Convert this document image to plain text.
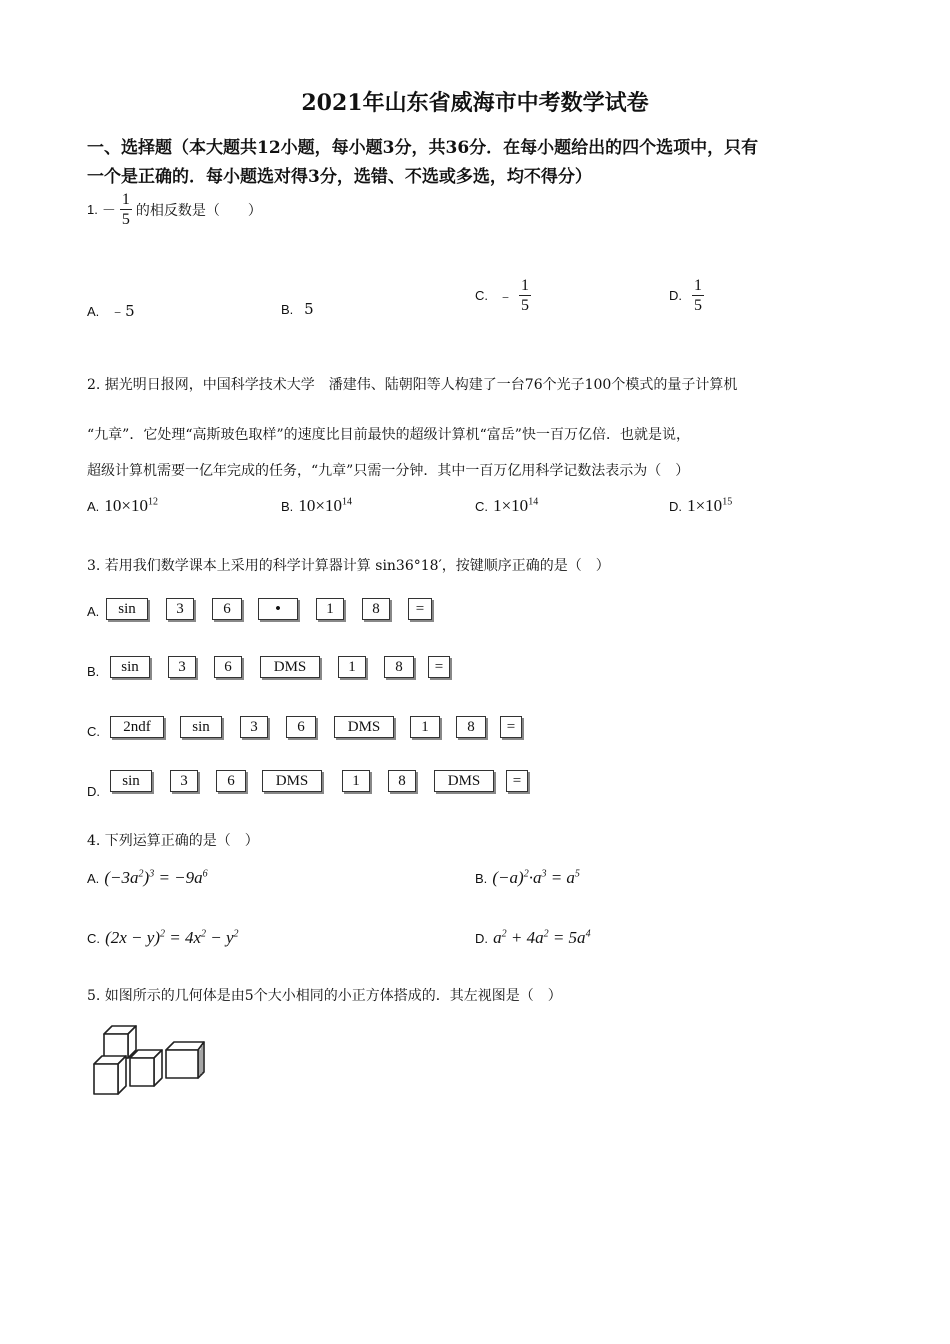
2021年山东省威海市中考数学试卷
一、选择题（本大题共12小题，每小题3分，共36分．在每小题给出的四个选项中，只有
一个是正确的．每小题选对得3分，选错、不选或多选，均不得分）
1. － $\frac{1}{5}$ 的相反数是（　　）
A. ﹣5	B. 5
C. ﹣ $\frac{1}{5}$	D. $\frac{1}{5}$
2. 据光明日报网，中国科学技术大学　潘建伟、陆朝阳等人构建了一台76个光子100个模式的量子计算机
“九章”．它处理“高斯玻色取样”的速度比目前最快的超级计算机“富岳”快一百万亿倍．也就是说，
超级计算机需要一亿年完成的任务，“九章”只需一分钟．其中一百万亿用科学记数法表示为（　）
A. $10\times 10^{12}$	B. $10\times 10^{14}$	C. $1\times 10^{14}$	D. $1\times 10^{15}$
3. 若用我们数学课本上采用的科学计算器计算 sin36°18′，按键顺序正确的是（　）
A.	sin	3	6	•	1	8	=
B.	sin	3	6	DMS	1	8	=
C.	2ndf	sin	3	6	DMS	1	8	=
D.
sin	3	6	DMS	1	8	DMS	=
4. 下列运算正确的是（　）
A. $(-3a^2)^3 = -9a^6$	B. $(-a)^2\cdot a^3 = a^5$
C. $(2x - y)^2 = 4x^2 - y^2$	D. $a^2 + 4a^2 = 5a^4$
5. 如图所示的几何体是由5个大小相同的小正方体搭成的．其左视图是（　）
